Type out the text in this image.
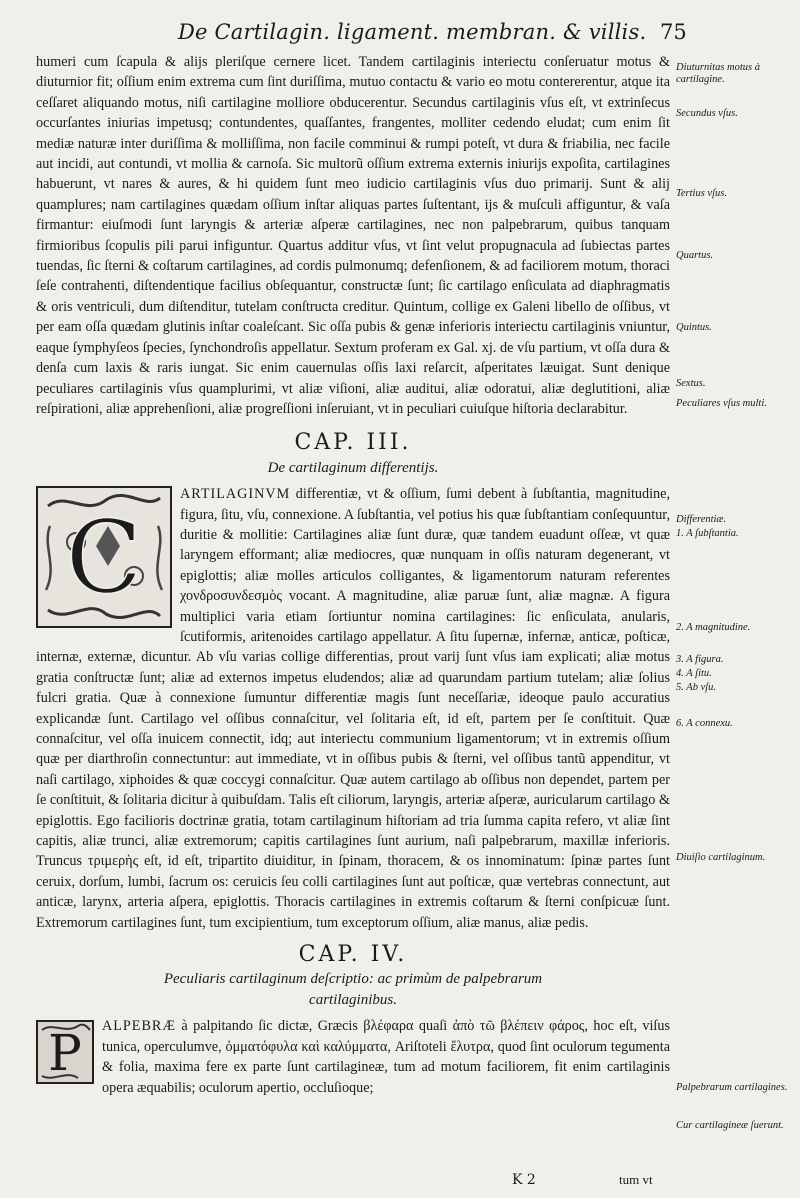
De Cartilagin. ligament. membran. & villis. 75

humeri cum ſcapula & alijs pleriſque cernere licet. Tandem cartilaginis interiectu conſeruatur motus & diuturnior fit; oſſium enim extrema cum ſint duriſſima, mutuo contactu & vario eo motu contererentur, atque ita ceſſaret aliquando motus, niſi cartilagine molliore obducerentur. Secundus cartilaginis vſus eſt, vt extrinſecus occurſantes iniurias impetusq; contundentes, quaſſantes, frangentes, molliter cedendo eludat; cum enim ſit mediæ naturæ inter duriſſima & molliſſima, non facile comminui & rumpi poteſt, vt dura & friabilia, nec facile aut incidi, aut contundi, vt mollia & carnoſa. Sic multorũ oſſium extrema externis iniurijs expoſita, cartilagines habuerunt, vt nares & aures, & hi quidem ſunt meo iudicio cartilaginis vſus duo primarij. Sunt & alij quamplures; nam cartilagines quædam oſſium inſtar aliquas partes ſuſtentant, ijs & muſculi affiguntur, & vaſa firmantur: eiuſmodi ſunt laryngis & arteriæ aſperæ cartilagines, nec non palpebrarum, quibus tanquam firmioribus ſcopulis pili parui infiguntur. Quartus additur vſus, vt ſint velut propugnacula ad ſubiectas partes tuendas, ſic ſterni & coſtarum cartilagines, ad cordis pulmonumq; defenſionem, & ad faciliorem motum, thoraci ſeſe contrahenti, diſtendentique facilius obſequantur, constructæ ſunt; ſic cartilago enſiculata ad diaphragmatis & oris ventriculi, dum diſtenditur, tutelam conſtructa creditur. Quintum, collige ex Galeni libello de oſſibus, vt per eam oſſa quædam glutinis inſtar coaleſcant. Sic oſſa pubis & genæ inferioris interiectu cartilaginis vniuntur, eaque ſymphyſeos ſpecies, ſynchondroſis appellatur. Sextum proferam ex Gal. xj. de vſu partium, vt oſſa dura & denſa cum laxis & raris iungat. Sic enim cauernulas oſſis laxi reſarcit, aſperitates læuigat. Sunt denique peculiares cartilaginis vſus quamplurimi, vt aliæ viſioni, aliæ auditui, aliæ odoratui, aliæ deglutitioni, aliæ reſpirationi, aliæ apprehenſioni, aliæ progreſſioni inſeruiant, vt in peculiari cuiuſque hiſtoria declarabitur.

CAP. III.
De cartilaginum differentijs.

C
ARTILAGINVM differentiæ, vt & oſſium, ſumi debent à ſubſtantia, magnitudine, figura, ſitu, vſu, connexione. A ſubſtantia, vel potius his quæ ſubſtantiam conſequuntur, duritie & mollitie: Cartilagines aliæ ſunt duræ, quæ tandem euadunt oſſeæ, vt quæ laryngem efformant; aliæ mediocres, quæ nunquam in oſſis naturam degenerant, vt epiglottis; aliæ molles articulos colligantes, & ligamentorum naturam referentes χονδροσυνδεσμὸς vocant. A magnitudine, aliæ paruæ ſunt, aliæ magnæ. A figura multiplici varia etiam ſortiuntur nomina cartilagines: ſic enſiculata, anularis, ſcutiformis, aritenoides cartilago appellatur. A ſitu ſupernæ, infernæ, anticæ, poſticæ, internæ, externæ, dicuntur. Ab vſu varias collige differentias, prout varij ſunt vſus iam explicati; aliæ motus gratia conſtructæ ſunt; aliæ ad externos impetus eludendos; aliæ ad quarundam partium tutelam; aliæ ſolius fulcri gratia. Quæ à connexione ſumuntur differentiæ magis ſunt neceſſariæ, ideoque paulo accuratius explicandæ ſunt. Cartilago vel oſſibus connaſcitur, vel ſolitaria eſt, id eſt, partem per ſe conſtituit. Quæ connaſcitur, vel oſſa inuicem connectit, idq; aut interiectu communium ligamentorum; vt in extremis oſſium quæ per diarthroſin connectuntur: aut immediate, vt in oſſibus pubis & ſterni, vel oſſibus tantũ appenditur, vt naſi cartilago, xiphoides & quæ coccygi connaſcitur. Quæ autem cartilago ab oſſibus non dependet, partem per ſe conſtituit, & ſolitaria dicitur à quibuſdam. Talis eſt ciliorum, laryngis, arteriæ aſperæ, auricularum cartilago & epiglottis. Ego facilioris doctrinæ gratia, totam cartilaginum hiſtoriam ad tria ſumma capita refero, vt aliæ ſint capitis, aliæ trunci, aliæ extremorum; capitis cartilagines ſunt aurium, naſi palpebrarum, maxillæ inferioris. Truncus τριμερὴς eſt, id eſt, tripartito diuiditur, in ſpinam, thoracem, & os innominatum: ſpinæ partes ſunt ceruix, dorſum, lumbi, ſacrum os: ceruicis ſeu colli cartilagines ſunt aut poſticæ, quæ vertebras connectunt, aut anticæ, larynx, arteria aſpera, epiglottis. Thoracis cartilagines in extremis coſtarum & ſterni conſpicuæ ſunt. Extremorum cartilagines ſunt, tum excipientium, tum exceptorum oſſium, aliæ manus, aliæ pedis.

CAP. IV.
Peculiaris cartilaginum deſcriptio: ac primùm de palpebrarum
cartilaginibus.

P ALPEBRÆ à palpitando ſic dictæ, Græcis βλέφαρα quaſi ἀπὸ τῶ βλέπειν φάρος, hoc eſt, viſus tunica, operculumve, ὀμματόφυλα καὶ καλύμματα, Ariſtoteli ἕλυτρα, quod ſint oculorum tegumenta & folia, maxima fere ex parte ſunt cartilagineæ, tum ad motum faciliorem, fit enim cartilaginis opera æquabilis; oculorum apertio, occluſioque;

Diuturnitas motus à cartilagine.
Secundus vſus.
Tertius vſus.
Quartus.
Quintus.
Sextus.
Peculiares vſus multi.
Differentiæ.
1. A ſubſtantia.
2. A magnitudine.
3. A figura.
4. A ſitu.
5. Ab vſu.
6. A connexu.
Diuiſio cartilaginum.
Palpebrarum cartilagines.
Cur cartilagineæ ſuerunt.
K 2	tum vt
